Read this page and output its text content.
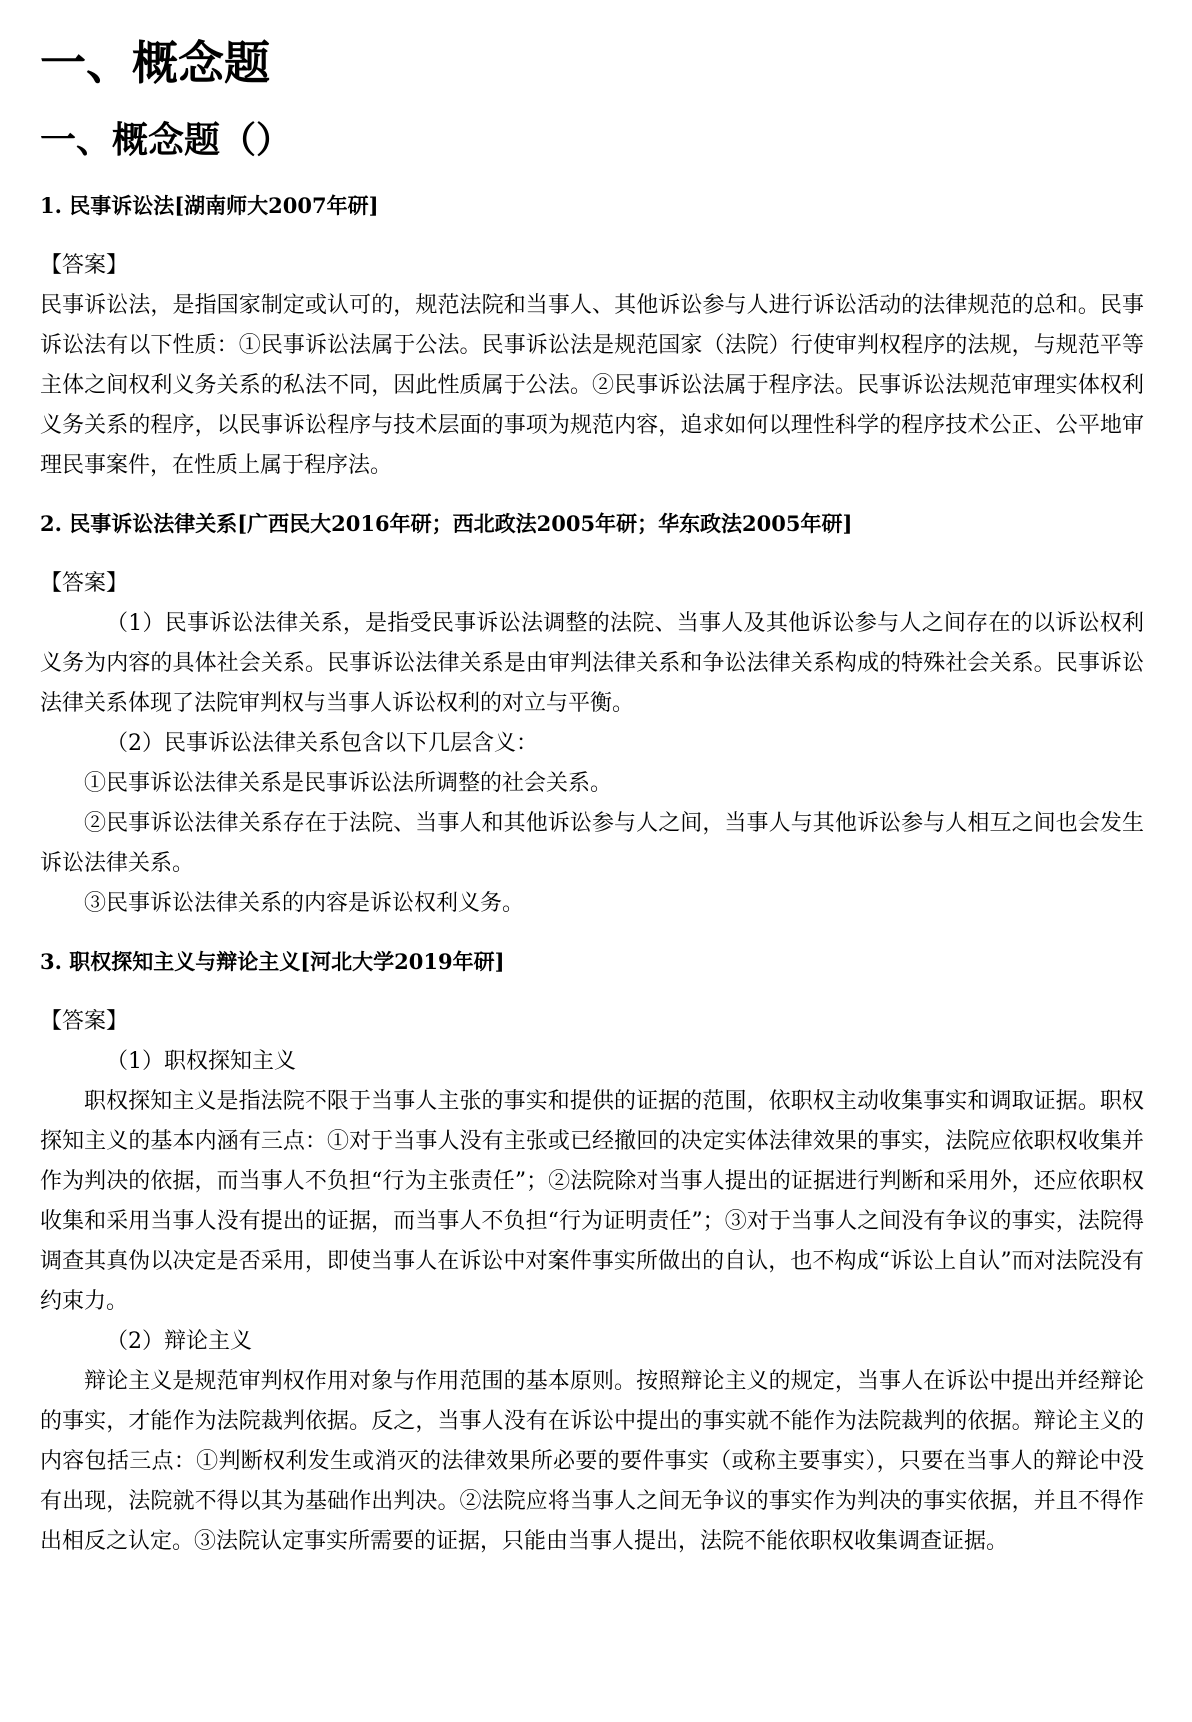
一、概念题
一、概念题（）
1. 民事诉讼法[湖南师大2007年研]
【答案】
民事诉讼法，是指国家制定或认可的，规范法院和当事人、其他诉讼参与人进行诉讼活动的法律规范的总和。民事诉讼法有以下性质：①民事诉讼法属于公法。民事诉讼法是规范国家（法院）行使审判权程序的法规，与规范平等主体之间权利义务关系的私法不同，因此性质属于公法。②民事诉讼法属于程序法。民事诉讼法规范审理实体权利义务关系的程序，以民事诉讼程序与技术层面的事项为规范内容，追求如何以理性科学的程序技术公正、公平地审理民事案件，在性质上属于程序法。
2. 民事诉讼法律关系[广西民大2016年研；西北政法2005年研；华东政法2005年研]
【答案】
（1）民事诉讼法律关系，是指受民事诉讼法调整的法院、当事人及其他诉讼参与人之间存在的以诉讼权利义务为内容的具体社会关系。民事诉讼法律关系是由审判法律关系和争讼法律关系构成的特殊社会关系。民事诉讼法律关系体现了法院审判权与当事人诉讼权利的对立与平衡。
（2）民事诉讼法律关系包含以下几层含义：
①民事诉讼法律关系是民事诉讼法所调整的社会关系。
②民事诉讼法律关系存在于法院、当事人和其他诉讼参与人之间，当事人与其他诉讼参与人相互之间也会发生诉讼法律关系。
③民事诉讼法律关系的内容是诉讼权利义务。
3. 职权探知主义与辩论主义[河北大学2019年研]
【答案】
（1）职权探知主义
职权探知主义是指法院不限于当事人主张的事实和提供的证据的范围，依职权主动收集事实和调取证据。职权探知主义的基本内涵有三点：①对于当事人没有主张或已经撤回的决定实体法律效果的事实，法院应依职权收集并作为判决的依据，而当事人不负担“行为主张责任”；②法院除对当事人提出的证据进行判断和采用外，还应依职权收集和采用当事人没有提出的证据，而当事人不负担“行为证明责任”；③对于当事人之间没有争议的事实，法院得调查其真伪以决定是否采用，即使当事人在诉讼中对案件事实所做出的自认，也不构成“诉讼上自认”而对法院没有约束力。
（2）辩论主义
辩论主义是规范审判权作用对象与作用范围的基本原则。按照辩论主义的规定，当事人在诉讼中提出并经辩论的事实，才能作为法院裁判依据。反之，当事人没有在诉讼中提出的事实就不能作为法院裁判的依据。辩论主义的内容包括三点：①判断权利发生或消灭的法律效果所必要的要件事实（或称主要事实），只要在当事人的辩论中没有出现，法院就不得以其为基础作出判决。②法院应将当事人之间无争议的事实作为判决的事实依据，并且不得作出相反之认定。③法院认定事实所需要的证据，只能由当事人提出，法院不能依职权收集调查证据。
